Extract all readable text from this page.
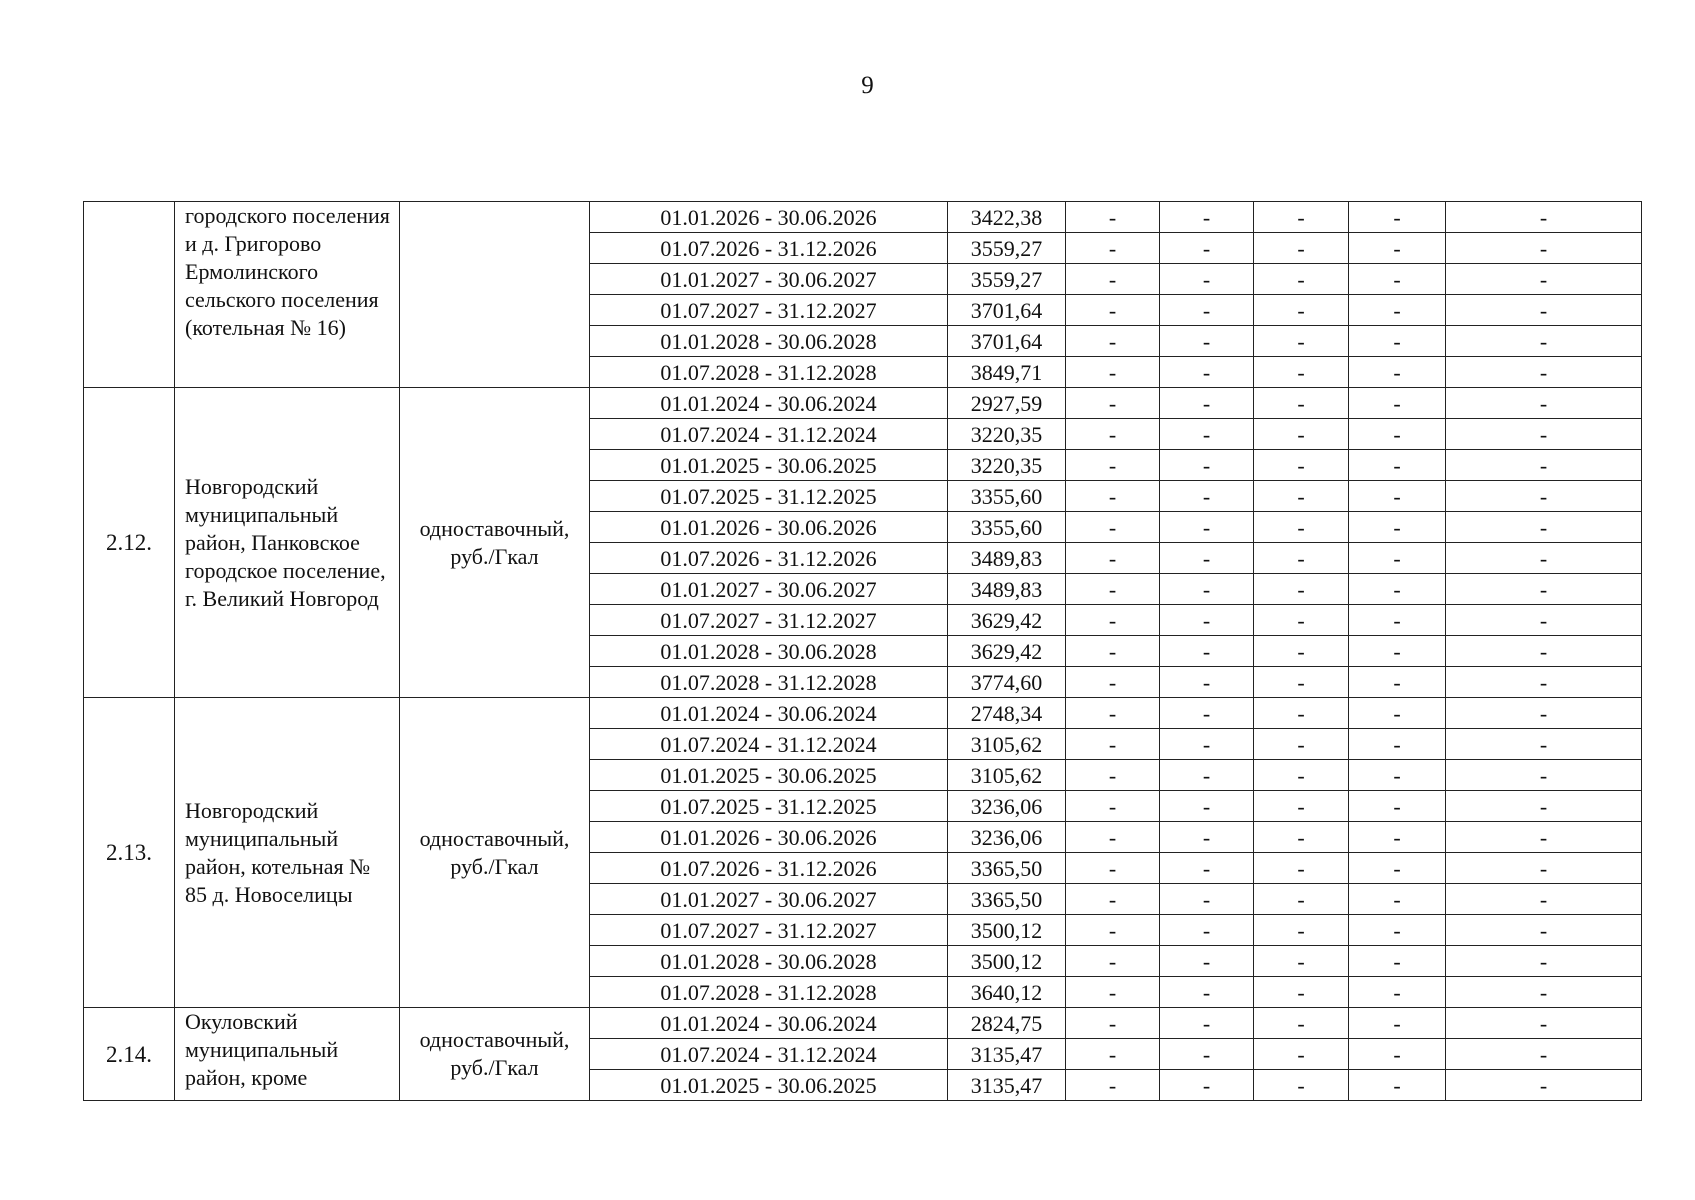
9
	городского поселения и д. Григорово Ермолинского сельского поселения (котельная № 16)		01.01.2026 - 30.06.2026	3422,38	-	-	-	-	-
			01.07.2026 - 31.12.2026	3559,27	-	-	-	-	-
			01.01.2027 - 30.06.2027	3559,27	-	-	-	-	-
			01.07.2027 - 31.12.2027	3701,64	-	-	-	-	-
			01.01.2028 - 30.06.2028	3701,64	-	-	-	-	-
			01.07.2028 - 31.12.2028	3849,71	-	-	-	-	-
2.12.	Новгородский муниципальный район, Панковское городское поселение, г. Великий Новгород	одноставочный, руб./Гкал	01.01.2024 - 30.06.2024	2927,59	-	-	-	-	-
			01.07.2024 - 31.12.2024	3220,35	-	-	-	-	-
			01.01.2025 - 30.06.2025	3220,35	-	-	-	-	-
			01.07.2025 - 31.12.2025	3355,60	-	-	-	-	-
			01.01.2026 - 30.06.2026	3355,60	-	-	-	-	-
			01.07.2026 - 31.12.2026	3489,83	-	-	-	-	-
			01.01.2027 - 30.06.2027	3489,83	-	-	-	-	-
			01.07.2027 - 31.12.2027	3629,42	-	-	-	-	-
			01.01.2028 - 30.06.2028	3629,42	-	-	-	-	-
			01.07.2028 - 31.12.2028	3774,60	-	-	-	-	-
2.13.	Новгородский муниципальный район, котельная № 85 д. Новоселицы	одноставочный, руб./Гкал	01.01.2024 - 30.06.2024	2748,34	-	-	-	-	-
			01.07.2024 - 31.12.2024	3105,62	-	-	-	-	-
			01.01.2025 - 30.06.2025	3105,62	-	-	-	-	-
			01.07.2025 - 31.12.2025	3236,06	-	-	-	-	-
			01.01.2026 - 30.06.2026	3236,06	-	-	-	-	-
			01.07.2026 - 31.12.2026	3365,50	-	-	-	-	-
			01.01.2027 - 30.06.2027	3365,50	-	-	-	-	-
			01.07.2027 - 31.12.2027	3500,12	-	-	-	-	-
			01.01.2028 - 30.06.2028	3500,12	-	-	-	-	-
			01.07.2028 - 31.12.2028	3640,12	-	-	-	-	-
2.14.	Окуловский муниципальный район, кроме	одноставочный, руб./Гкал	01.01.2024 - 30.06.2024	2824,75	-	-	-	-	-
			01.07.2024 - 31.12.2024	3135,47	-	-	-	-	-
			01.01.2025 - 30.06.2025	3135,47	-	-	-	-	-
